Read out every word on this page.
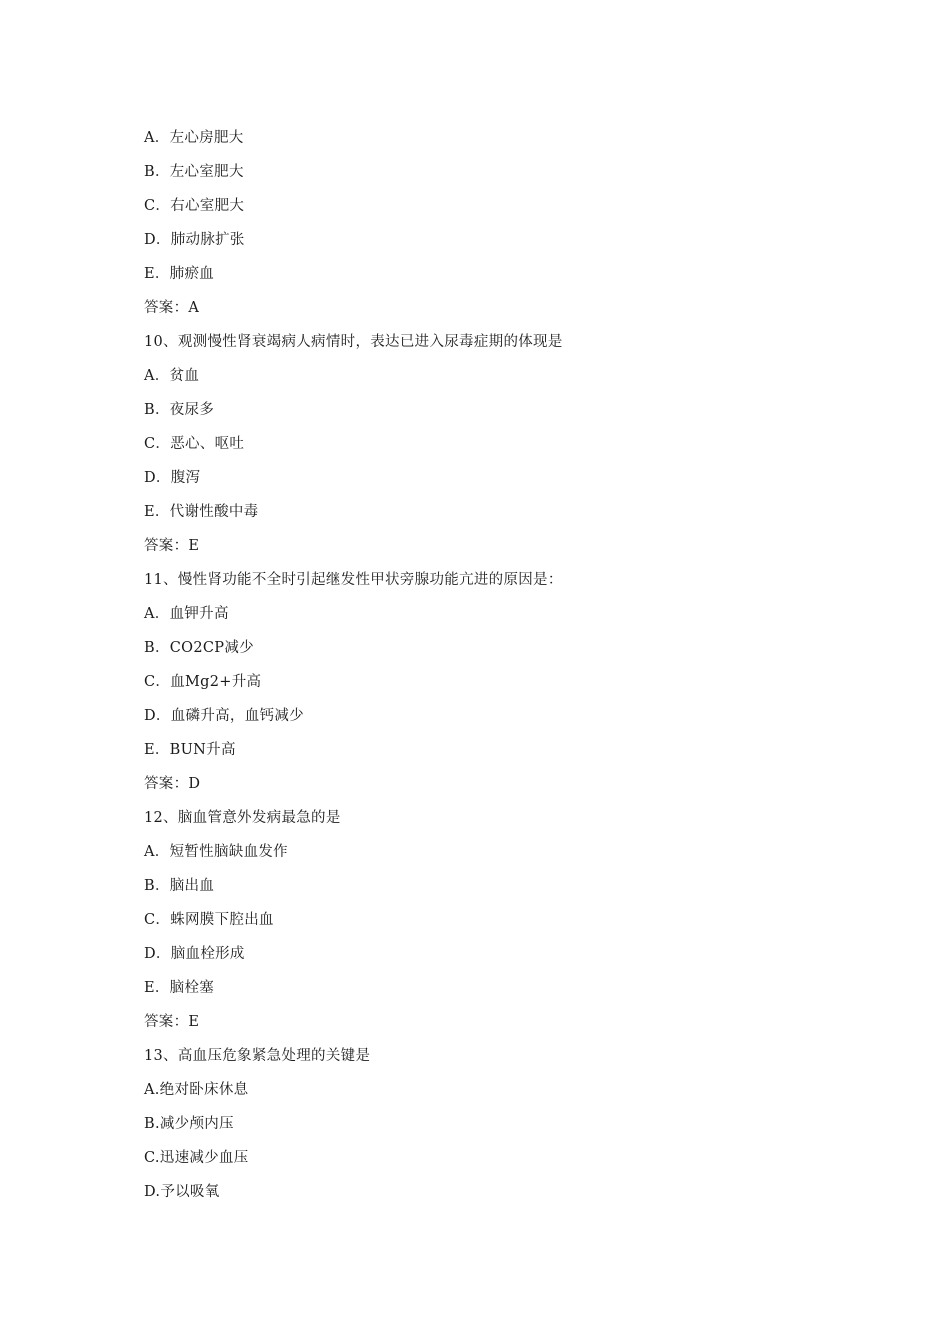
A．左心房肥大
B．左心室肥大
C．右心室肥大
D．肺动脉扩张
E．肺瘀血
答案：A
10、观测慢性肾衰竭病人病情时，表达已进入尿毒症期的体现是
A．贫血
B．夜尿多
C．恶心、呕吐
D．腹泻
E．代谢性酸中毒
答案：E
11、慢性肾功能不全时引起继发性甲状旁腺功能亢进的原因是：
A．血钾升高
B．CO2CP减少
C．血Mg2+升高
D．血磷升高，血钙减少
E．BUN升高
答案：D
12、脑血管意外发病最急的是
A．短暂性脑缺血发作
B．脑出血
C．蛛网膜下腔出血
D．脑血栓形成
E．脑栓塞
答案：E
13、高血压危象紧急处理的关键是
A.绝对卧床休息
B.减少颅内压
C.迅速减少血压
D.予以吸氧
